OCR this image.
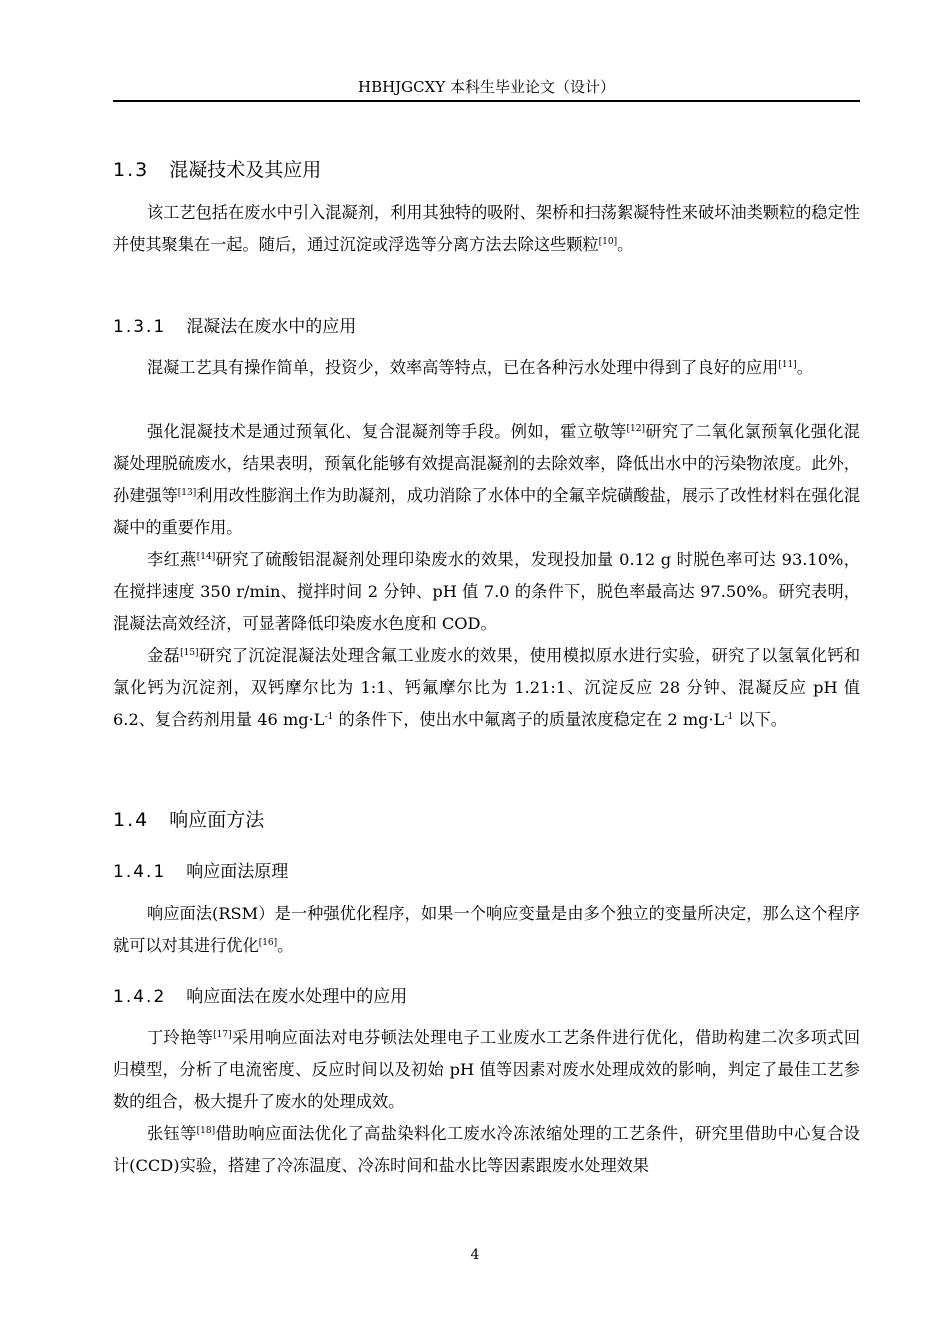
HBHJGCXY 本科生毕业论文（设计）
1.3 混凝技术及其应用

该工艺包括在废水中引入混凝剂，利用其独特的吸附、架桥和扫荡絮凝特性来破坏油类颗粒的稳定性并使其聚集在一起。随后，通过沉淀或浮选等分离方法去除这些颗粒[10]。

1.3.1 混凝法在废水中的应用

混凝工艺具有操作简单，投资少，效率高等特点，已在各种污水处理中得到了良好的应用[11]。

强化混凝技术是通过预氧化、复合混凝剂等手段。例如，霍立敬等[12]研究了二氧化氯预氧化强化混凝处理脱硫废水，结果表明，预氧化能够有效提高混凝剂的去除效率，降低出水中的污染物浓度。此外，孙建强等[13]利用改性膨润土作为助凝剂，成功消除了水体中的全氟辛烷磺酸盐，展示了改性材料在强化混凝中的重要作用。

李红燕[14]研究了硫酸铝混凝剂处理印染废水的效果，发现投加量 0.12 g 时脱色率可达 93.10%，在搅拌速度 350 r/min、搅拌时间 2 分钟、pH 值 7.0 的条件下，脱色率最高达 97.50%。研究表明，混凝法高效经济，可显著降低印染废水色度和 COD。

金磊[15]研究了沉淀混凝法处理含氟工业废水的效果，使用模拟原水进行实验，研究了以氢氧化钙和氯化钙为沉淀剂，双钙摩尔比为 1:1、钙氟摩尔比为 1.21:1、沉淀反应 28 分钟、混凝反应 pH 值 6.2、复合药剂用量 46 $mg\cdot L^{-1}$ 的条件下，使出水中氟离子的质量浓度稳定在 2 $mg\cdot L^{-1}$ 以下。

1.4 响应面方法
1.4.1 响应面法原理

响应面法(RSM）是一种强优化程序，如果一个响应变量是由多个独立的变量所决定，那么这个程序就可以对其进行优化[16]。

1.4.2 响应面法在废水处理中的应用

丁玲艳等[17]采用响应面法对电芬顿法处理电子工业废水工艺条件进行优化，借助构建二次多项式回归模型，分析了电流密度、反应时间以及初始 pH 值等因素对废水处理成效的影响，判定了最佳工艺参数的组合，极大提升了废水的处理成效。

张钰等[18]借助响应面法优化了高盐染料化工废水冷冻浓缩处理的工艺条件，研究里借助中心复合设计(CCD)实验，搭建了冷冻温度、冷冻时间和盐水比等因素跟废水处理效果

4
